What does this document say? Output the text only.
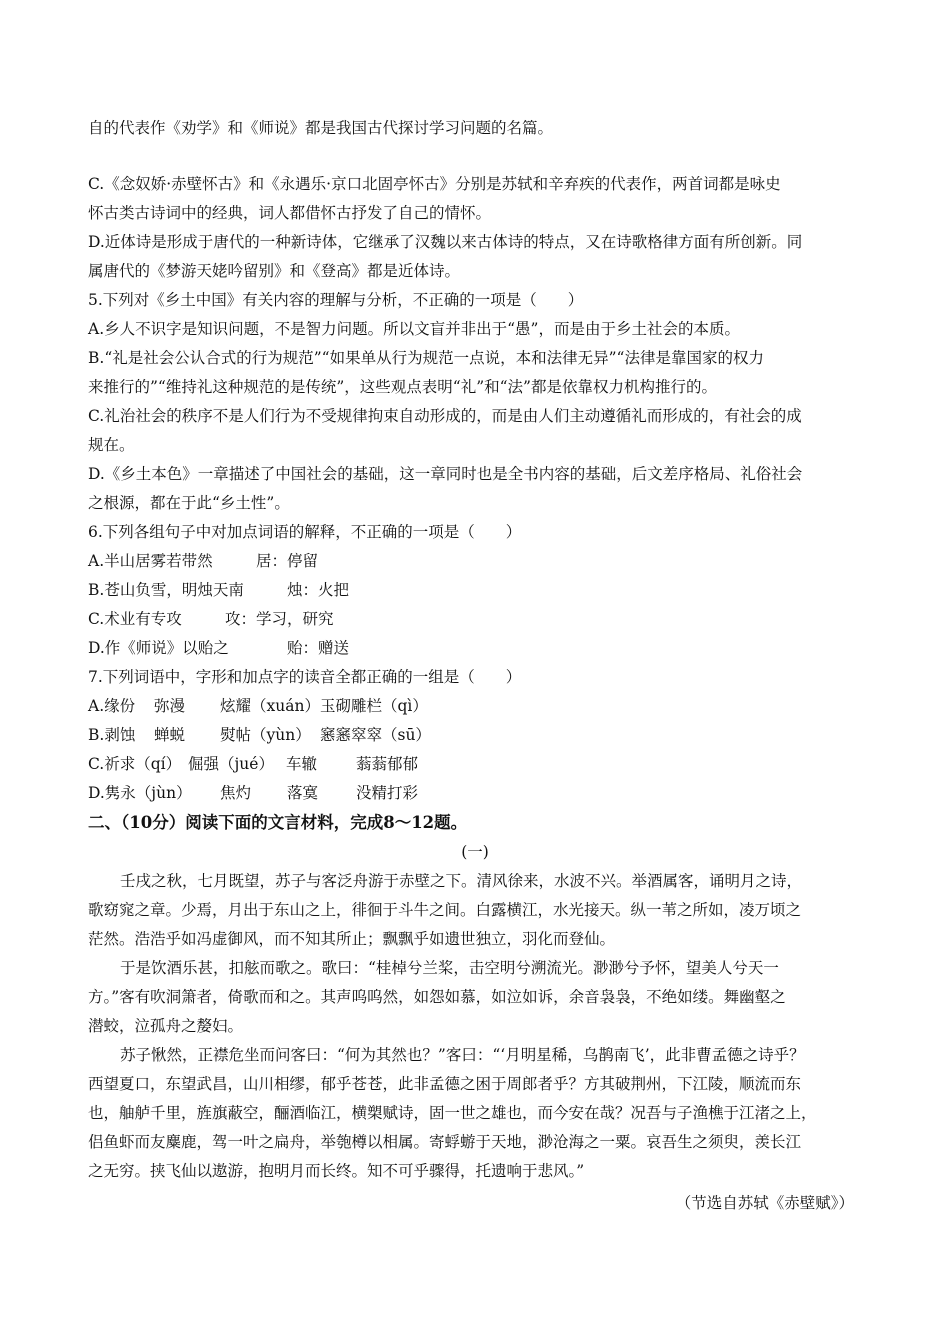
自的代表作《劝学》和《师说》都是我国古代探讨学习问题的名篇。
C.《念奴娇·赤壁怀古》和《永遇乐·京口北固亭怀古》分别是苏轼和辛弃疾的代表作，两首词都是咏史
怀古类古诗词中的经典，词人都借怀古抒发了自己的情怀。
D.近体诗是形成于唐代的一种新诗体，它继承了汉魏以来古体诗的特点，又在诗歌格律方面有所创新。同
属唐代的《梦游天姥吟留别》和《登高》都是近体诗。
5.下列对《乡土中国》有关内容的理解与分析，不正确的一项是（　　）
A.乡人不识字是知识问题，不是智力问题。所以文盲并非出于“愚”，而是由于乡土社会的本质。
B.“礼是社会公认合式的行为规范”“如果单从行为规范一点说，本和法律无异”“法律是靠国家的权力
来推行的”“维持礼这种规范的是传统”，这些观点表明“礼”和“法”都是依靠权力机构推行的。
C.礼治社会的秩序不是人们行为不受规律拘束自动形成的，而是由人们主动遵循礼而形成的，有社会的成
规在。
D.《乡土本色》一章描述了中国社会的基础，这一章同时也是全书内容的基础，后文差序格局、礼俗社会
之根源，都在于此“乡土性”。
6.下列各组句子中对加点词语的解释，不正确的一项是（　　）
A.半山居雾若带然	居：停留
B.苍山负雪，明烛天南	烛：火把
C.术业有专攻	攻：学习，研究
D.作《师说》以贻之	贻：赠送
7.下列词语中，字形和加点字的读音全都正确的一组是（　　）
A.缘份 弥漫 炫耀（xuán）玉砌雕栏（qì）
B.剥蚀 蝉蜕 熨帖（yùn） 窸窸窣窣（sū）
C.祈求（qí） 倔强（jué） 车辙	蓊蓊郁郁
D.隽永（jùn） 焦灼 落寞 没精打彩
二、（10分）阅读下面的文言材料，完成8～12题。
(一)
壬戌之秋，七月既望，苏子与客泛舟游于赤壁之下。清风徐来，水波不兴。举酒属客，诵明月之诗，
歌窈窕之章。少焉，月出于东山之上，徘徊于斗牛之间。白露横江，水光接天。纵一苇之所如，凌万顷之
茫然。浩浩乎如冯虚御风，而不知其所止；飘飘乎如遗世独立，羽化而登仙。
于是饮酒乐甚，扣舷而歌之。歌曰：“桂棹兮兰桨，击空明兮溯流光。渺渺兮予怀，望美人兮天一
方。”客有吹洞箫者，倚歌而和之。其声呜呜然，如怨如慕，如泣如诉，余音袅袅，不绝如缕。舞幽壑之
潜蛟，泣孤舟之嫠妇。
苏子愀然，正襟危坐而问客曰：“何为其然也？”客曰：“‘月明星稀，乌鹊南飞’，此非曹孟德之诗乎？
西望夏口，东望武昌，山川相缪，郁乎苍苍，此非孟德之困于周郎者乎？方其破荆州，下江陵，顺流而东
也，舳舻千里，旌旗蔽空，酾酒临江，横槊赋诗，固一世之雄也，而今安在哉？况吾与子渔樵于江渚之上，
侣鱼虾而友麋鹿，驾一叶之扁舟，举匏樽以相属。寄蜉蝣于天地，渺沧海之一粟。哀吾生之须臾，羡长江
之无穷。挟飞仙以遨游，抱明月而长终。知不可乎骤得，托遗响于悲风。”
（节选自苏轼《赤壁赋》）
